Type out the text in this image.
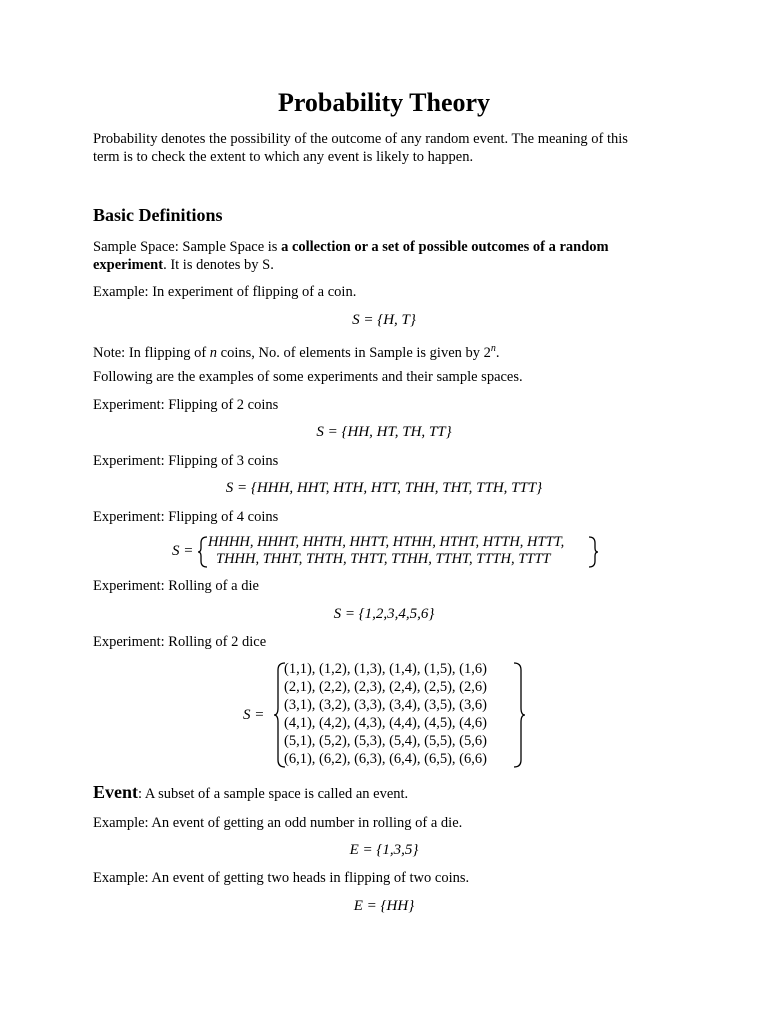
Probability Theory
Probability denotes the possibility of the outcome of any random event. The meaning of this
term is to check the extent to which any event is likely to happen.
Basic Definitions
Sample Space: Sample Space is a collection or a set of possible outcomes of a random
experiment. It is denotes by S.
Example: In experiment of flipping of a coin.
S = {H, T}
Note: In flipping of n coins, No. of elements in Sample is given by 2$^n$.
Following are the examples of some experiments and their sample spaces.
Experiment: Flipping of 2 coins
S = {HH, HT, TH, TT}
Experiment: Flipping of 3 coins
S = {HHH, HHT, HTH, HTT, THH, THT, TTH, TTT}
Experiment: Flipping of 4 coins
S =
HHHH, HHHT, HHTH, HHTT, HTHH, HTHT, HTTH, HTTT,
THHH, THHT, THTH, THTT, TTHH, TTHT, TTTH, TTTT
Experiment: Rolling of a die
S = {1,2,3,4,5,6}
Experiment: Rolling of 2 dice
S =
(1,1), (1,2), (1,3), (1,4), (1,5), (1,6)
(2,1), (2,2), (2,3), (2,4), (2,5), (2,6)
(3,1), (3,2), (3,3), (3,4), (3,5), (3,6)
(4,1), (4,2), (4,3), (4,4), (4,5), (4,6)
(5,1), (5,2), (5,3), (5,4), (5,5), (5,6)
(6,1), (6,2), (6,3), (6,4), (6,5), (6,6)
Event: A subset of a sample space is called an event.
Example: An event of getting an odd number in rolling of a die.
E = {1,3,5}
Example: An event of getting two heads in flipping of two coins.
E = {HH}
